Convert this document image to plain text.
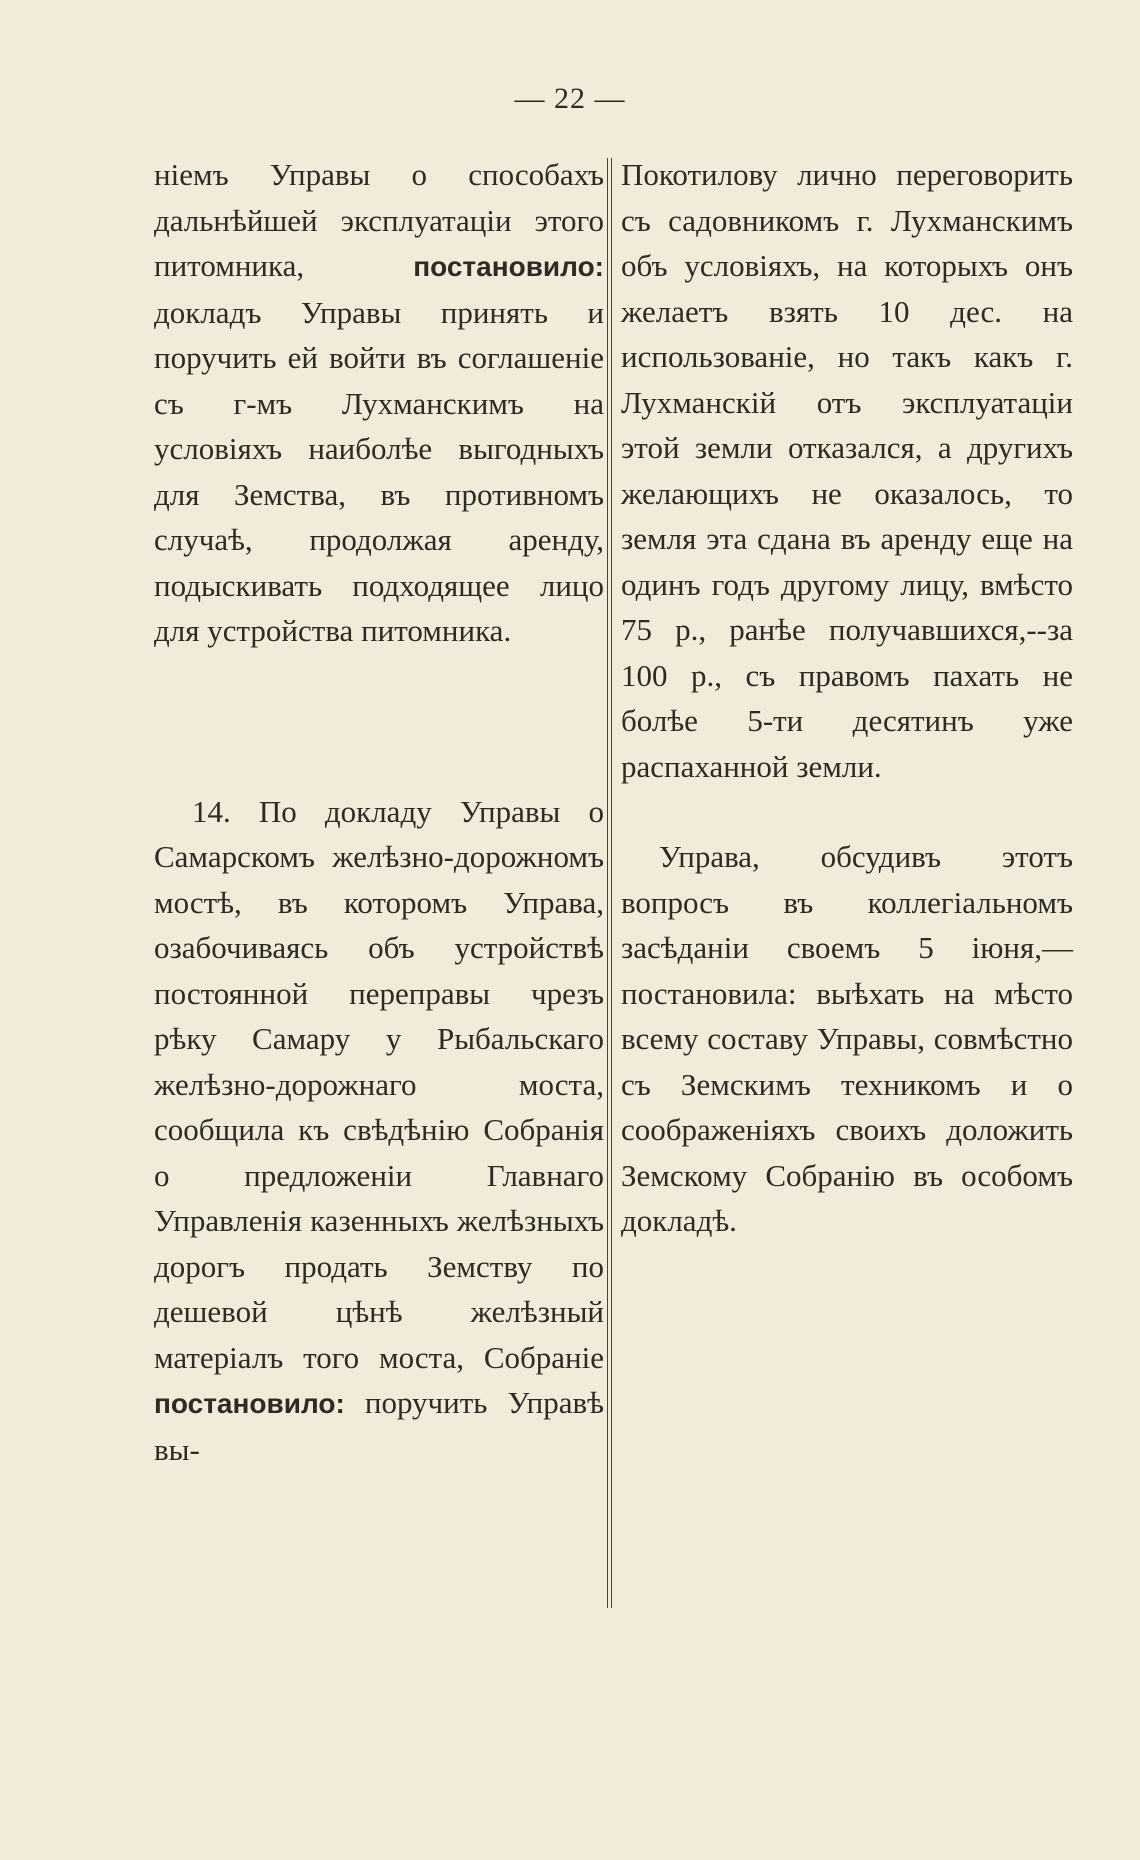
— 22 —

ніемъ Управы о способахъ дальнѣйшей эксплуатаціи этого питомника, постановило: докладъ Управы принять и поручить ей войти въ соглашеніе съ г-мъ Лухманскимъ на условіяхъ наиболѣе выгодныхъ для Земства, въ противномъ случаѣ, продолжая аренду, подыскивать подходящее лицо для устройства питомника.

14. По докладу Управы о Самарскомъ желѣзно-дорожномъ мостѣ, въ которомъ Управа, озабочиваясь объ устройствѣ постоянной переправы чрезъ рѣку Самару у Рыбальскаго желѣзно-дорожнаго моста, сообщила къ свѣдѣнію Собранія о предложеніи Главнаго Управленія казенныхъ желѣзныхъ дорогъ продать Земству по дешевой цѣнѣ желѣзный матеріалъ того моста, Собраніе постановило: поручить Управѣ вы-

Покотилову лично переговорить съ садовникомъ г. Лухманскимъ объ условіяхъ, на которыхъ онъ желаетъ взять 10 дес. на использованіе, но такъ какъ г. Лухманскій отъ эксплуатаціи этой земли отказался, а другихъ желающихъ не оказалось, то земля эта сдана въ аренду еще на одинъ годъ другому лицу, вмѣсто 75 р., ранѣе получавшихся,--за 100 р., съ правомъ пахать не болѣе 5-ти десятинъ уже распаханной земли.

Управа, обсудивъ этотъ вопросъ въ коллегіальномъ засѣданіи своемъ 5 іюня,—постановила: выѣхать на мѣсто всему составу Управы, совмѣстно съ Земскимъ техникомъ и о соображеніяхъ своихъ доложить Земскому Собранію въ особомъ докладѣ.
